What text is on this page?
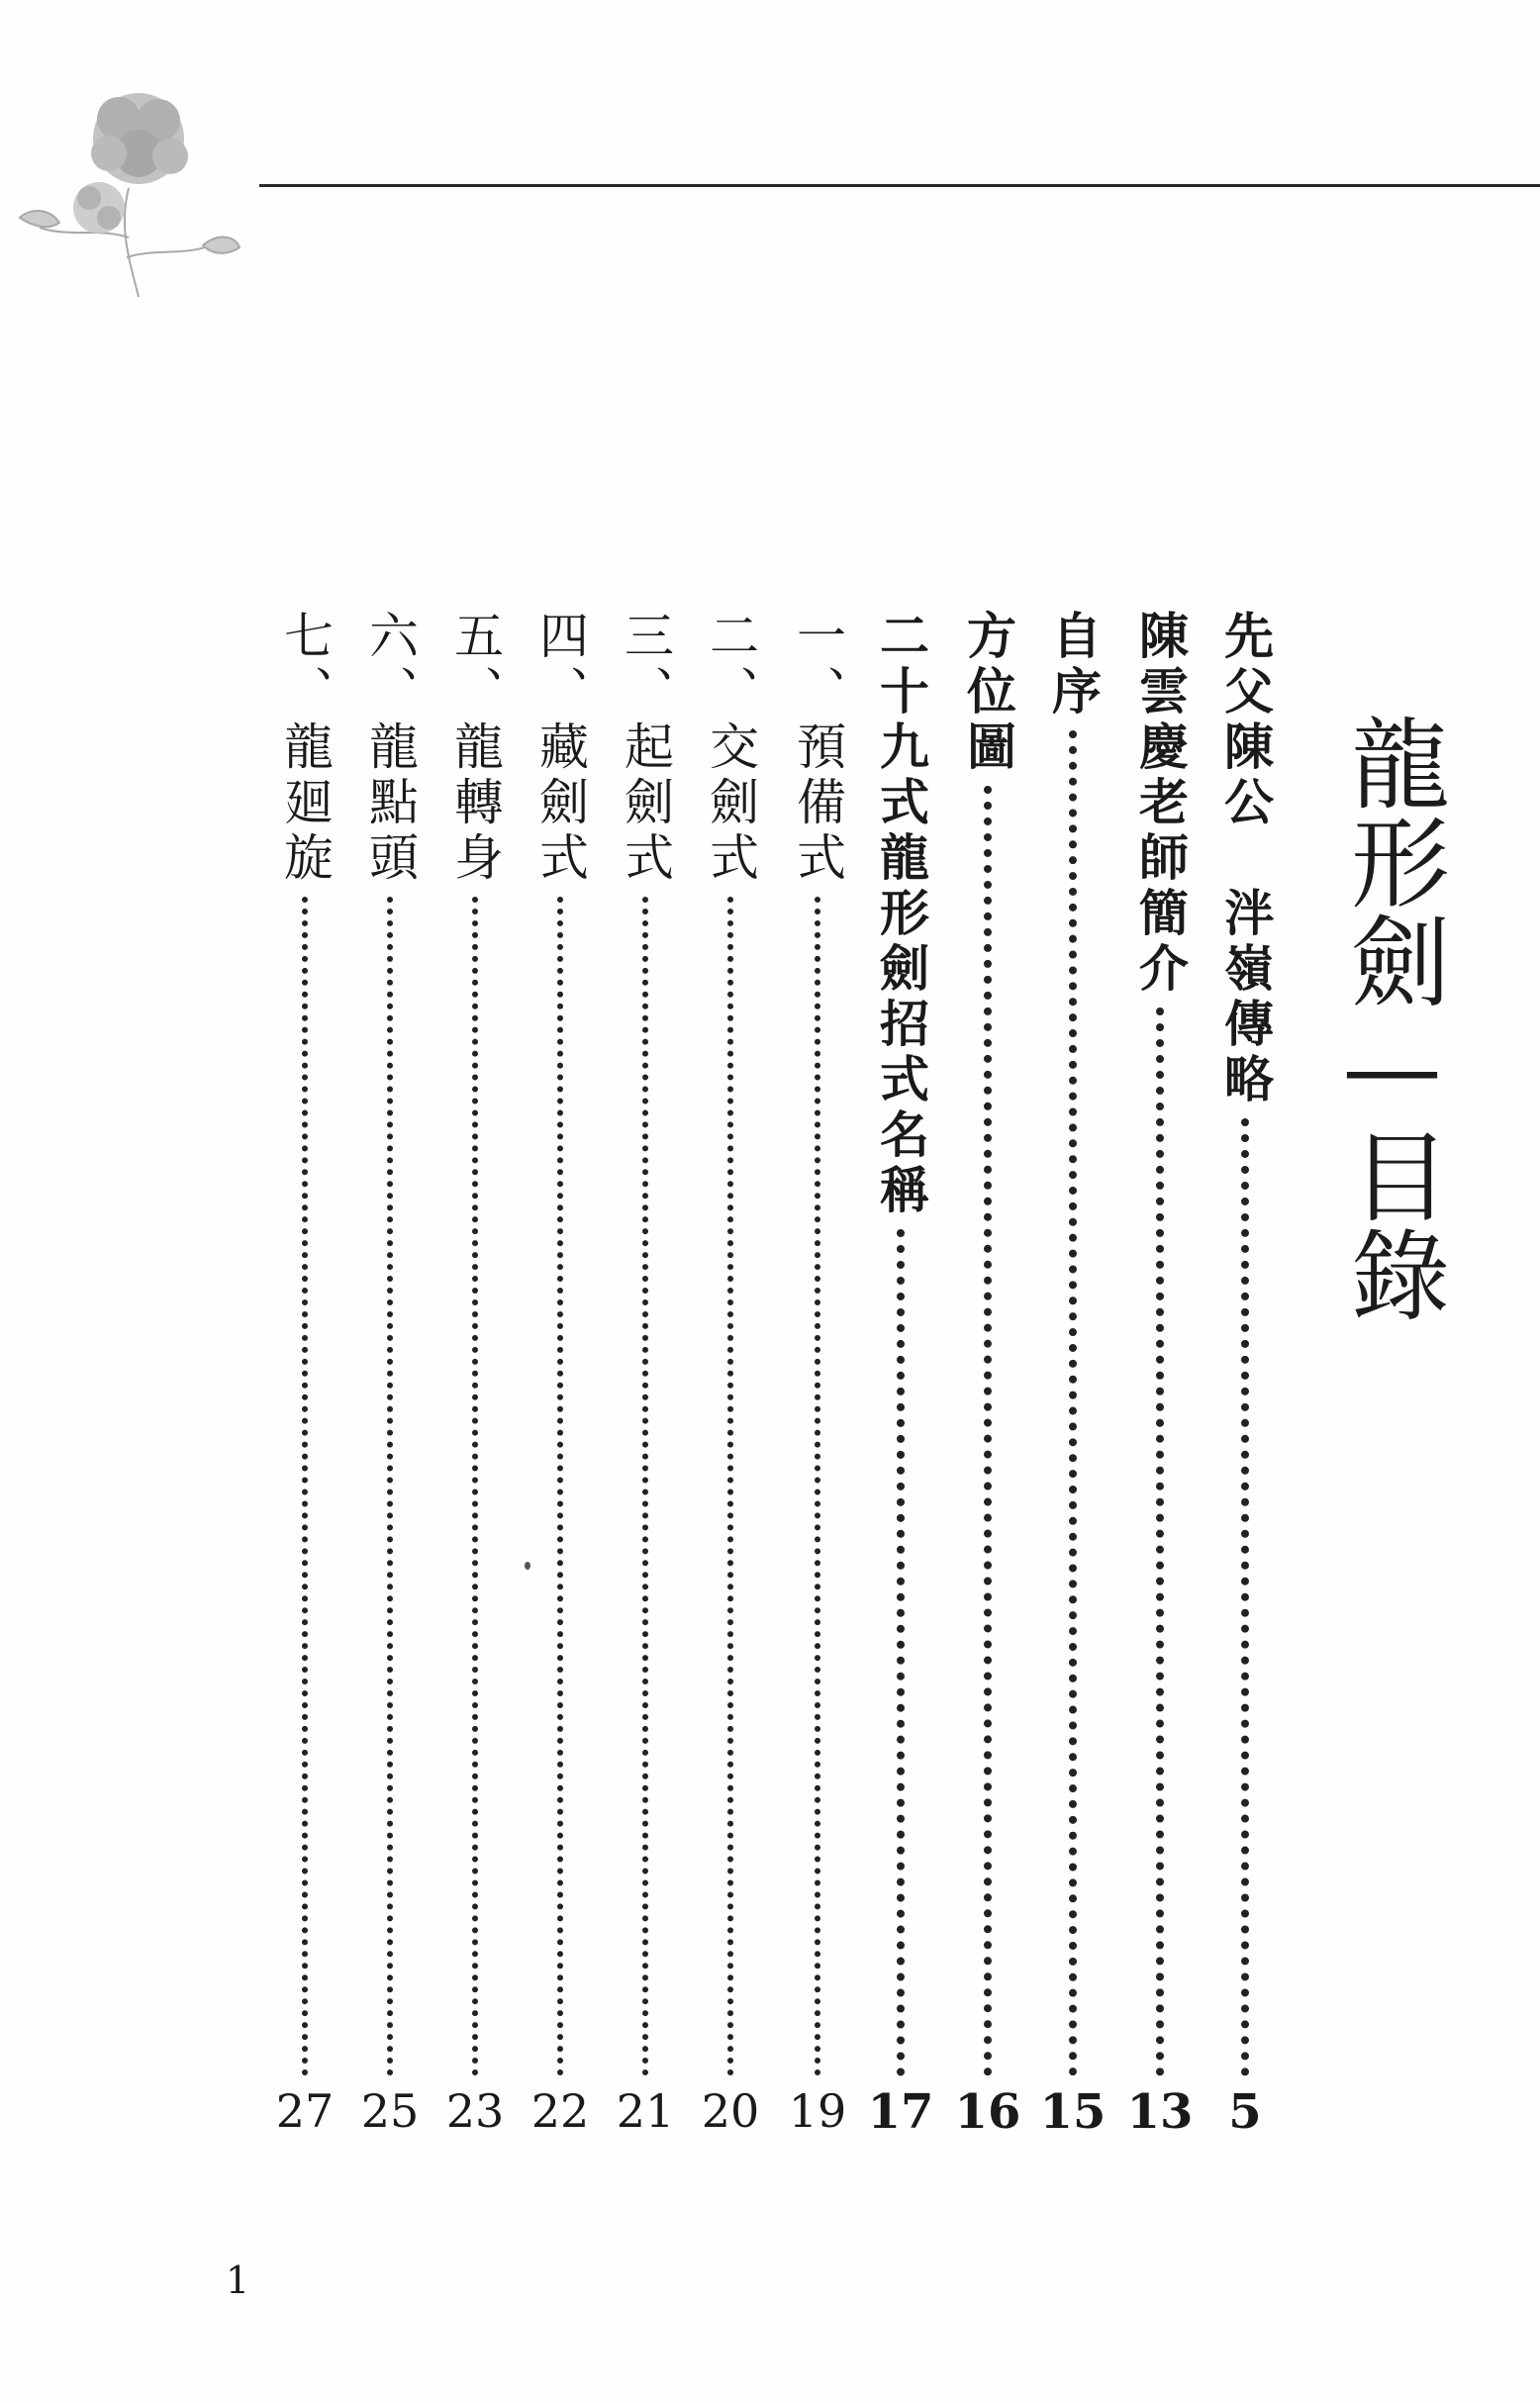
龍形劍—目錄
先父陳公　泮嶺傳略
5
陳雲慶老師簡介
13
自序
15
方位圖
16
二十九式龍形劍招式名稱
17
一、預備式
19
二、交劍式
20
三、起劍式
21
四、藏劍式
22
五、龍轉身
23
六、龍點頭
25
七、龍廻旋
27
1
